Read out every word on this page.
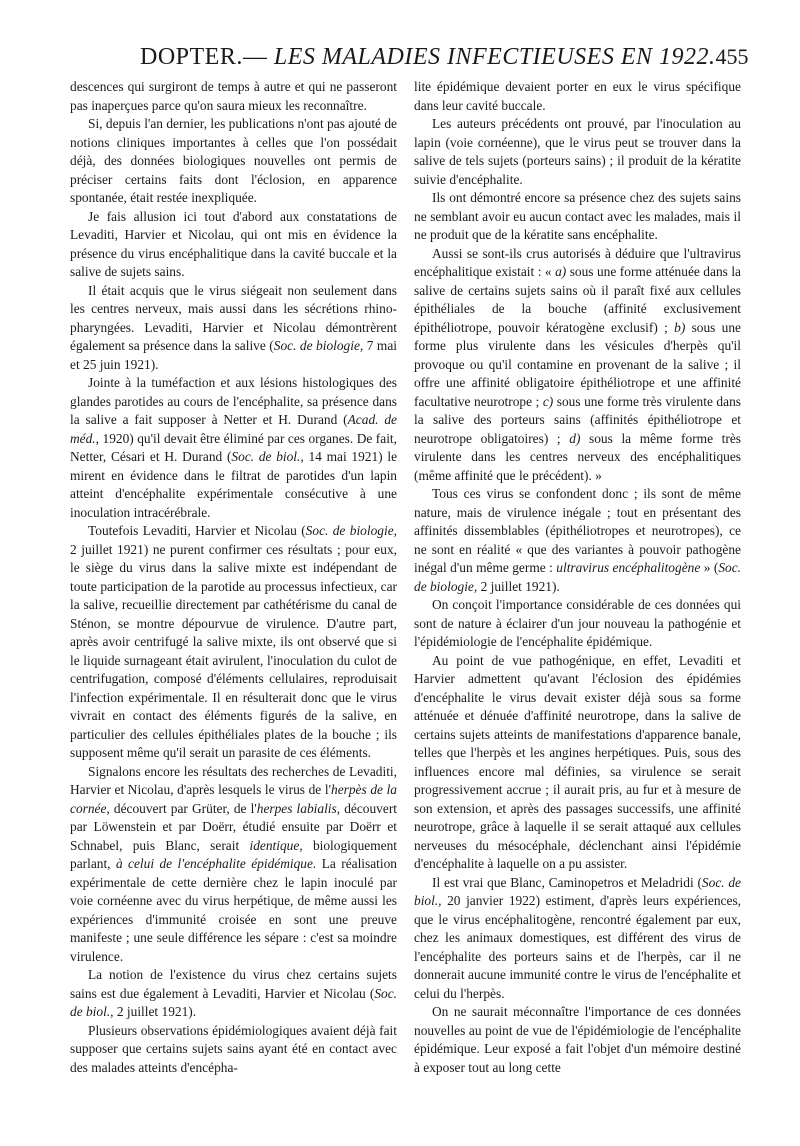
DOPTER.— LES MALADIES INFECTIEUSES EN 1922. 455

descences qui surgiront de temps à autre et qui ne passeront pas inaperçues parce qu'on saura mieux les reconnaître.

Si, depuis l'an dernier, les publications n'ont pas ajouté de notions cliniques importantes à celles que l'on possédait déjà, des données biologiques nouvelles ont permis de préciser certains faits dont l'éclosion, en apparence spontanée, était restée inexpliquée.

Je fais allusion ici tout d'abord aux constatations de Levaditi, Harvier et Nicolau, qui ont mis en évidence la présence du virus encéphalitique dans la cavité buccale et la salive de sujets sains.

Il était acquis que le virus siégeait non seulement dans les centres nerveux, mais aussi dans les sécrétions rhino-pharyngées. Levaditi, Harvier et Nicolau démontrèrent également sa présence dans la salive (Soc. de biologie, 7 mai et 25 juin 1921).

Jointe à la tuméfaction et aux lésions histologiques des glandes parotides au cours de l'encéphalite, sa présence dans la salive a fait supposer à Netter et H. Durand (Acad. de méd., 1920) qu'il devait être éliminé par ces organes. De fait, Netter, Césari et H. Durand (Soc. de biol., 14 mai 1921) le mirent en évidence dans le filtrat de parotides d'un lapin atteint d'encéphalite expérimentale consécutive à une inoculation intracérébrale.

Toutefois Levaditi, Harvier et Nicolau (Soc. de biologie, 2 juillet 1921) ne purent confirmer ces résultats ; pour eux, le siège du virus dans la salive mixte est indépendant de toute participation de la parotide au processus infectieux, car la salive, recueillie directement par cathétérisme du canal de Sténon, se montre dépourvue de virulence. D'autre part, après avoir centrifugé la salive mixte, ils ont observé que si le liquide surnageant était avirulent, l'inoculation du culot de centrifugation, composé d'éléments cellulaires, reproduisait l'infection expérimentale. Il en résulterait donc que le virus vivrait en contact des éléments figurés de la salive, en particulier des cellules épithéliales plates de la bouche ; ils supposent même qu'il serait un parasite de ces éléments.

Signalons encore les résultats des recherches de Levaditi, Harvier et Nicolau, d'après lesquels le virus de l'herpès de la cornée, découvert par Grüter, de l'herpes labialis, découvert par Löwenstein et par Doërr, étudié ensuite par Doërr et Schnabel, puis Blanc, serait identique, biologiquement parlant, à celui de l'encéphalite épidémique. La réalisation expérimentale de cette dernière chez le lapin inoculé par voie cornéenne avec du virus herpétique, de même aussi les expériences d'immunité croisée en sont une preuve manifeste ; une seule différence les sépare : c'est sa moindre virulence.

La notion de l'existence du virus chez certains sujets sains est due également à Levaditi, Harvier et Nicolau (Soc. de biol., 2 juillet 1921).

Plusieurs observations épidémiologiques avaient déjà fait supposer que certains sujets sains ayant été en contact avec des malades atteints d'encépha-

lite épidémique devaient porter en eux le virus spécifique dans leur cavité buccale.

Les auteurs précédents ont prouvé, par l'inoculation au lapin (voie cornéenne), que le virus peut se trouver dans la salive de tels sujets (porteurs sains) ; il produit de la kératite suivie d'encéphalite.

Ils ont démontré encore sa présence chez des sujets sains ne semblant avoir eu aucun contact avec les malades, mais il ne produit que de la kératite sans encéphalite.

Aussi se sont-ils crus autorisés à déduire que l'ultravirus encéphalitique existait : « a) sous une forme atténuée dans la salive de certains sujets sains où il paraît fixé aux cellules épithéliales de la bouche (affinité exclusivement épithéliotrope, pouvoir kératogène exclusif) ; b) sous une forme plus virulente dans les vésicules d'herpès qu'il provoque ou qu'il contamine en provenant de la salive ; il offre une affinité obligatoire épithéliotrope et une affinité facultative neurotrope ; c) sous une forme très virulente dans la salive des porteurs sains (affinités épithéliotrope et neurotrope obligatoires) ; d) sous la même forme très virulente dans les centres nerveux des encéphalitiques (même affinité que le précédent). »

Tous ces virus se confondent donc ; ils sont de même nature, mais de virulence inégale ; tout en présentant des affinités dissemblables (épithéliotropes et neurotropes), ce ne sont en réalité « que des variantes à pouvoir pathogène inégal d'un même germe : ultravirus encéphalitogène » (Soc. de biologie, 2 juillet 1921).

On conçoit l'importance considérable de ces données qui sont de nature à éclairer d'un jour nouveau la pathogénie et l'épidémiologie de l'encéphalite épidémique.

Au point de vue pathogénique, en effet, Levaditi et Harvier admettent qu'avant l'éclosion des épidémies d'encéphalite le virus devait exister déjà sous sa forme atténuée et dénuée d'affinité neurotrope, dans la salive de certains sujets atteints de manifestations d'apparence banale, telles que l'herpès et les angines herpétiques. Puis, sous des influences encore mal définies, sa virulence se serait progressivement accrue ; il aurait pris, au fur et à mesure de son extension, et après des passages successifs, une affinité neurotrope, grâce à laquelle il se serait attaqué aux cellules nerveuses du mésocéphale, déclenchant ainsi l'épidémie d'encéphalite à laquelle on a pu assister.

Il est vrai que Blanc, Caminopetros et Meladridi (Soc. de biol., 20 janvier 1922) estiment, d'après leurs expériences, que le virus encéphalitogène, rencontré également par eux, chez les animaux domestiques, est différent des virus de l'encéphalite des porteurs sains et de l'herpès, car il ne donnerait aucune immunité contre le virus de l'encéphalite et celui du l'herpès.

On ne saurait méconnaître l'importance de ces données nouvelles au point de vue de l'épidémiologie de l'encéphalite épidémique. Leur exposé a fait l'objet d'un mémoire destiné à exposer tout au long cette
